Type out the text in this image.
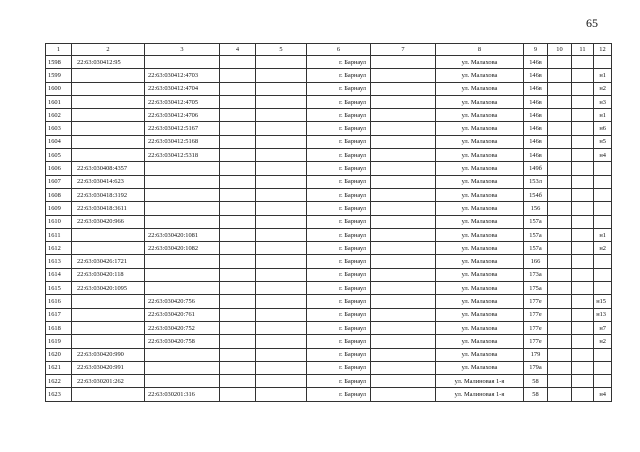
65
1	2	3	4	5	6	7	8	9	10	11	12
1598	22:63:030412:95				г. Барнаул		ул. Малахова	146в			
1599		22:63:030412:4703			г. Барнаул		ул. Малахова	146в			н1
1600		22:63:030412:4704			г. Барнаул		ул. Малахова	146в			н2
1601		22:63:030412:4705			г. Барнаул		ул. Малахова	146в			н3
1602		22:63:030412:4706			г. Барнаул		ул. Малахова	146в			н1
1603		22:63:030412:5167			г. Барнаул		ул. Малахова	146в			н6
1604		22:63:030412:5168			г. Барнаул		ул. Малахова	146в			н5
1605		22:63:030412:5318			г. Барнаул		ул. Малахова	146в			н4
1606	22:63:030408:4357				г. Барнаул		ул. Малахова	149б			
1607	22:63:030414:623				г. Барнаул		ул. Малахова	153л			
1608	22:63:030418:3192				г. Барнаул		ул. Малахова	154б			
1609	22:63:030418:3611				г. Барнаул		ул. Малахова	156			
1610	22:63:030420:966				г. Барнаул		ул. Малахова	157а			
1611		22:63:030420:1081			г. Барнаул		ул. Малахова	157а			н1
1612		22:63:030420:1082			г. Барнаул		ул. Малахова	157а			н2
1613	22:63:030426:1721				г. Барнаул		ул. Малахова	166			
1614	22:63:030420:118				г. Барнаул		ул. Малахова	173а			
1615	22:63:030420:1095				г. Барнаул		ул. Малахова	175а			
1616		22:63:030420:756			г. Барнаул		ул. Малахова	177е			н15
1617		22:63:030420:761			г. Барнаул		ул. Малахова	177е			н13
1618		22:63:030420:752			г. Барнаул		ул. Малахова	177е			н7
1619		22:63:030420:758			г. Барнаул		ул. Малахова	177е			н2
1620	22:63:030420:990				г. Барнаул		ул. Малахова	179			
1621	22:63:030420:991				г. Барнаул		ул. Малахова	179а			
1622	22:63:030201:262				г. Барнаул		ул. Малиновая 1-я	58			
1623		22:63:030201:316			г. Барнаул		ул. Малиновая 1-я	58			н4
